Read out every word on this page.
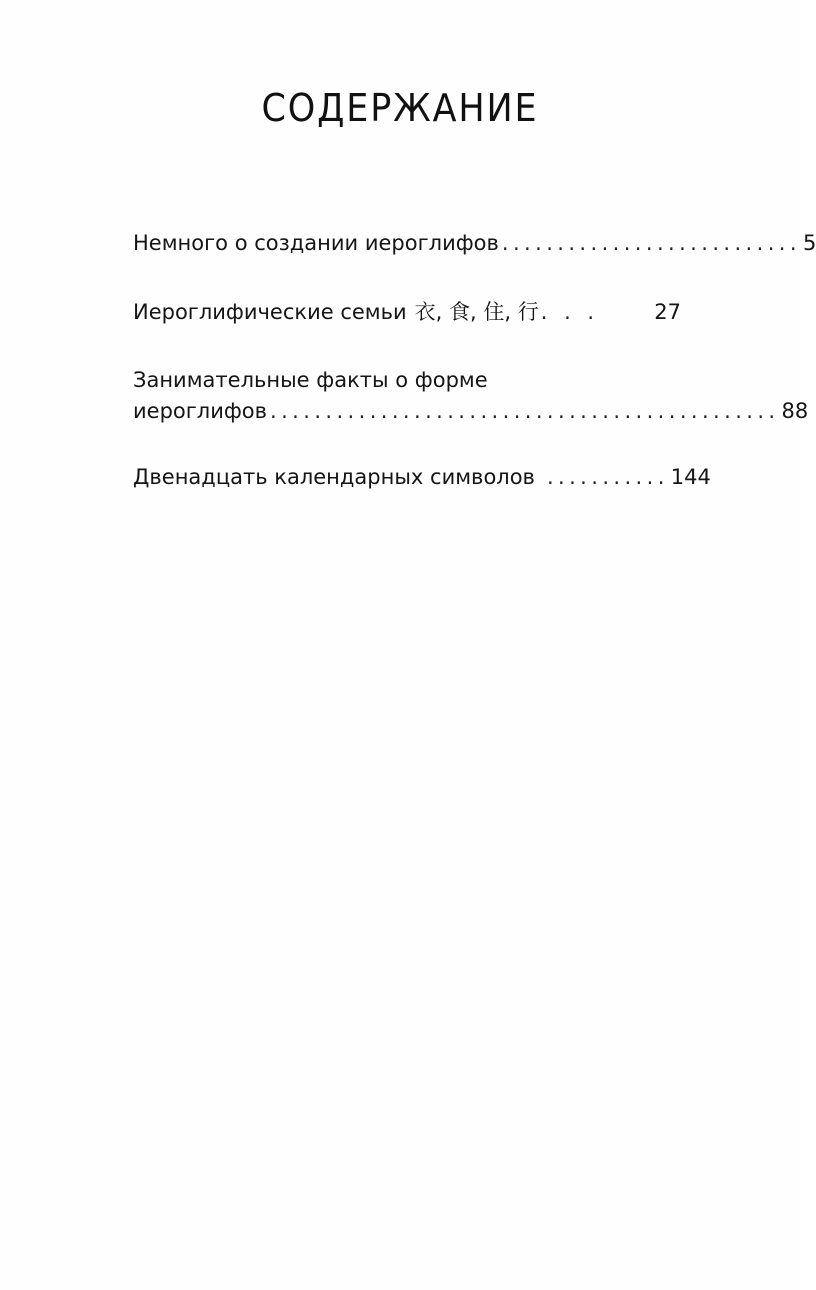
СОДЕРЖАНИЕ
Немного о создании иероглифов ........................... 5
Иероглифические семьи 衣, 食, 住, 行 . . .	27
Занимательные факты о форме
иероглифов .............................................. 88
Двенадцать календарных символов ........... 144
